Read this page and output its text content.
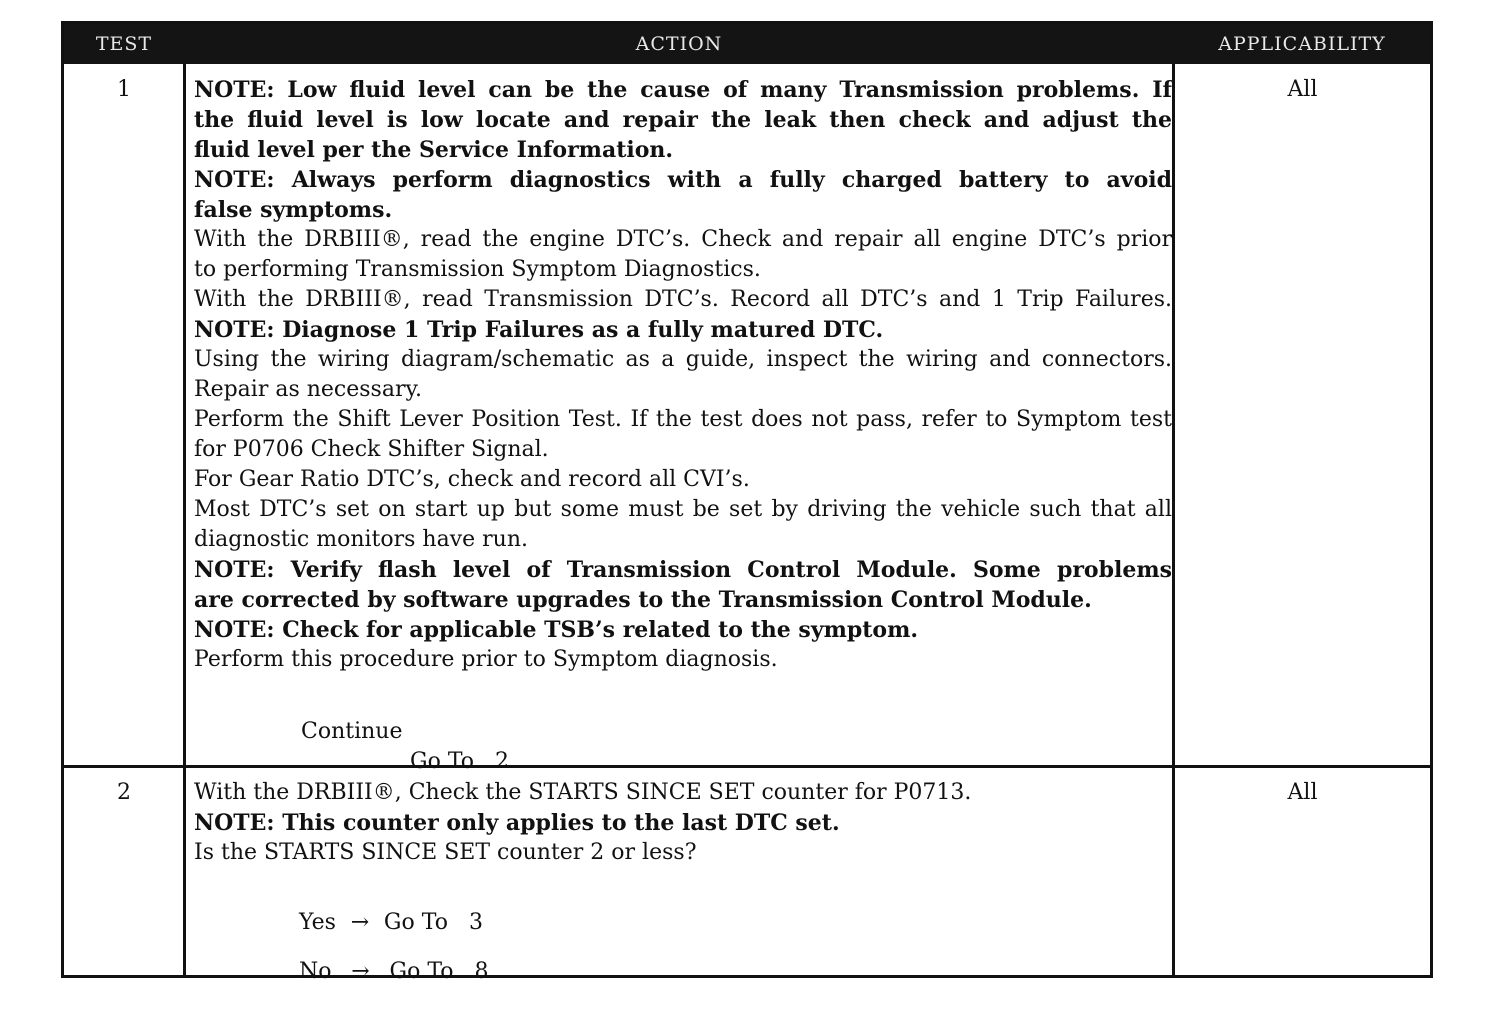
TEST	ACTION	APPLICABILITY
1	NOTE: Low fluid level can be the cause of many Transmission problems. If
the fluid level is low locate and repair the leak then check and adjust the
fluid level per the Service Information.
NOTE: Always perform diagnostics with a fully charged battery to avoid
false symptoms.
With the DRBIII®, read the engine DTC’s. Check and repair all engine DTC’s prior
to performing Transmission Symptom Diagnostics.
With the DRBIII®, read Transmission DTC’s. Record all DTC’s and 1 Trip Failures.
NOTE: Diagnose 1 Trip Failures as a fully matured DTC.
Using the wiring diagram/schematic as a guide, inspect the wiring and connectors.
Repair as necessary.
Perform the Shift Lever Position Test. If the test does not pass, refer to Symptom test
for P0706 Check Shifter Signal.
For Gear Ratio DTC’s, check and record all CVI’s.
Most DTC’s set on start up but some must be set by driving the vehicle such that all
diagnostic monitors have run.
NOTE: Verify flash level of Transmission Control Module. Some problems
are corrected by software upgrades to the Transmission Control Module.
NOTE: Check for applicable TSB’s related to the symptom.
Perform this procedure prior to Symptom diagnosis.
Continue
Go To 2
All
2	With the DRBIII®, Check the STARTS SINCE SET counter for P0713.
NOTE: This counter only applies to the last DTC set.
Is the STARTS SINCE SET counter 2 or less?
Yes → Go To 3
No → Go To 8
All
